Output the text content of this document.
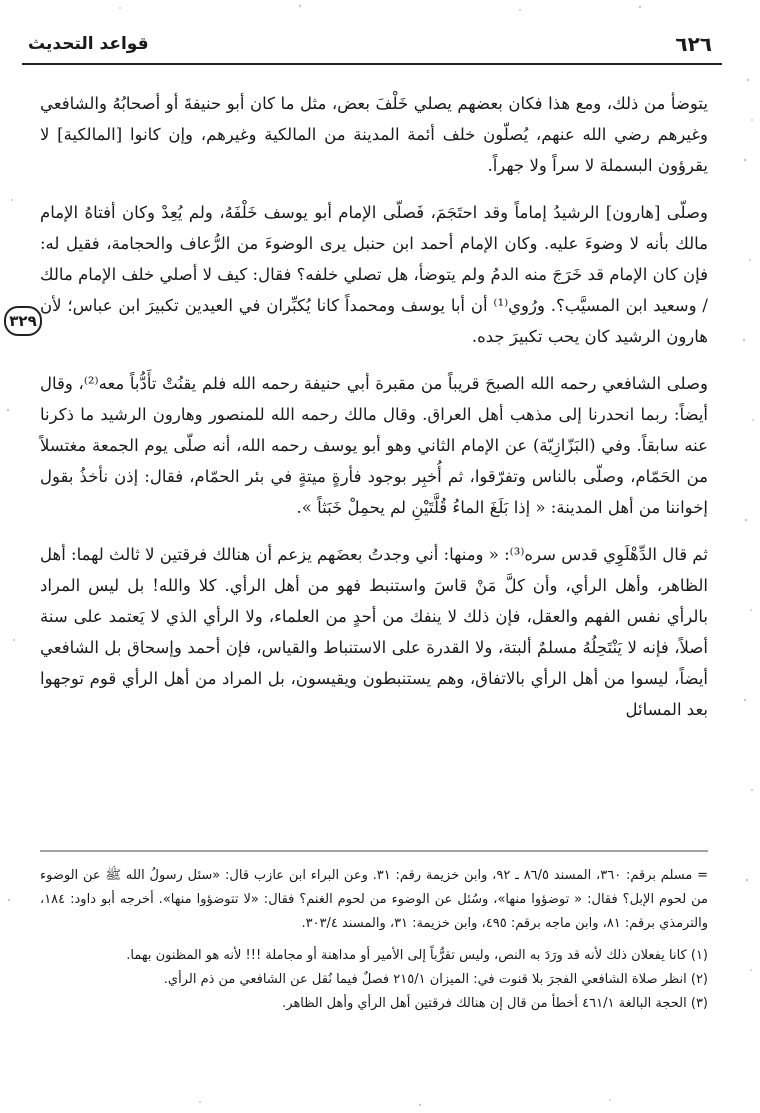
٦٢٦
قواعد التحديث
٣٢٩

يتوضأ من ذلك، ومع هذا فكان بعضهم يصلي خَلْفَ بعض، مثل ما كان أبو حنيفةَ أو أصحابُهُ والشافعي وغيرهم رضي الله عنهم، يُصلّون خلف أئمة المدينة من المالكية وغيرهم، وإن كانوا [المالكية] لا يقرؤون البسملة لا سراً ولا جهراً.

وصلّى [هارون] الرشيدُ إماماً وقد احتَجَمَ، فَصلّى الإمام أبو يوسف خَلْفَهُ، ولم يُعِدْ وكان أفتاهُ الإمام مالك بأنه لا وضوءَ عليه. وكان الإمام أحمد ابن حنبل يرى الوضوءَ من الرُّعاف والحجامة، فقيل له: فإن كان الإمام قد خَرَجَ منه الدمُ ولم يتوضأ، هل تصلي خلفه؟ فقال: كيف لا أصلي خلف الإمام مالك / وسعيد ابن المسيَّب؟. ورُوي⁽¹⁾ أن أبا يوسف ومحمداً كانا يُكبِّران في العيدين تكبيرَ ابن عباس؛ لأن هارون الرشيد كان يحب تكبيرَ جده.

وصلى الشافعي رحمه الله الصبحَ قريباً من مقبرة أبي حنيفة رحمه الله فلم يقنُتْ تأَدُّباً معه⁽²⁾، وقال أيضاً: ربما انحدرنا إلى مذهب أهل العراق. وقال مالك رحمه الله للمنصور وهارون الرشيد ما ذكرنا عنه سابقاً. وفي (البَزّازِيّة) عن الإمام الثاني وهو أبو يوسف رحمه الله، أنه صلّى يوم الجمعة مغتسلاً من الحَمّام، وصلّى بالناس وتفرّقوا، ثم أُخبِر بوجود فأرةٍ ميتةٍ في بئر الحمّام، فقال: إذن نأخذُ بقول إخواننا من أهل المدينة: « إذا بَلَغَ الماءُ قُلَّتَيْنِ لم يحمِلْ خَبَثاً ».

ثم قال الدِّهْلَوِي قدس سره⁽³⁾: « ومنها: أني وجدتُ بعضَهم يزعم أن هنالك فرقتين لا ثالث لهما: أهل الظاهر، وأهل الرأي، وأن كلَّ مَنْ قاسَ واستنبط فهو من أهل الرأي. كلا والله! بل ليس المراد بالرأي نفس الفهم والعقل، فإن ذلك لا ينفك من أحدٍ من العلماء، ولا الرأي الذي لا يَعتمد على سنة أصلاً، فإنه لا يَنْتَحِلُهُ مسلمٌ ألبتة، ولا القدرة على الاستنباط والقياس، فإن أحمد وإسحاق بل الشافعي أيضاً، ليسوا من أهل الرأي بالاتفاق، وهم يستنبطون ويقيسون، بل المراد من أهل الرأي قوم توجهوا بعد المسائل

= مسلم برقم: ٣٦٠، المسند ٨٦/٥ ـ ٩٢، وابن خزيمة رقم: ٣١. وعن البراء ابن عازب قال: «سئل رسولُ الله ﷺ عن الوضوء من لحوم الإبل؟ فقال: « توضؤوا منها»، وسُئل عن الوضوء من لحوم الغنم؟ فقال: «لا تتوضؤوا منها». أخرجه أبو داود: ١٨٤، والترمذي برقم: ٨١، وابن ماجه برقم: ٤٩٥، وابن خزيمة: ٣١، والمسند ٣٠٣/٤.

(١) كانا يفعلان ذلك لأنه قد ورَدَ به النص، وليس تقرُّباً إلى الأمير أو مداهنة أو مجاملة !!! لأنه هو المظنون بهما.

(٢) انظر صلاة الشافعي الفجرَ بلا قنوت في: الميزان ٢١٥/١ فصلٌ فيما نُقل عن الشافعي من ذم الرأي.

(٣) الحجة البالغة ٤٦١/١ أخطأ من قال إن هنالك فرقتين أهل الرأي وأهل الظاهر.
